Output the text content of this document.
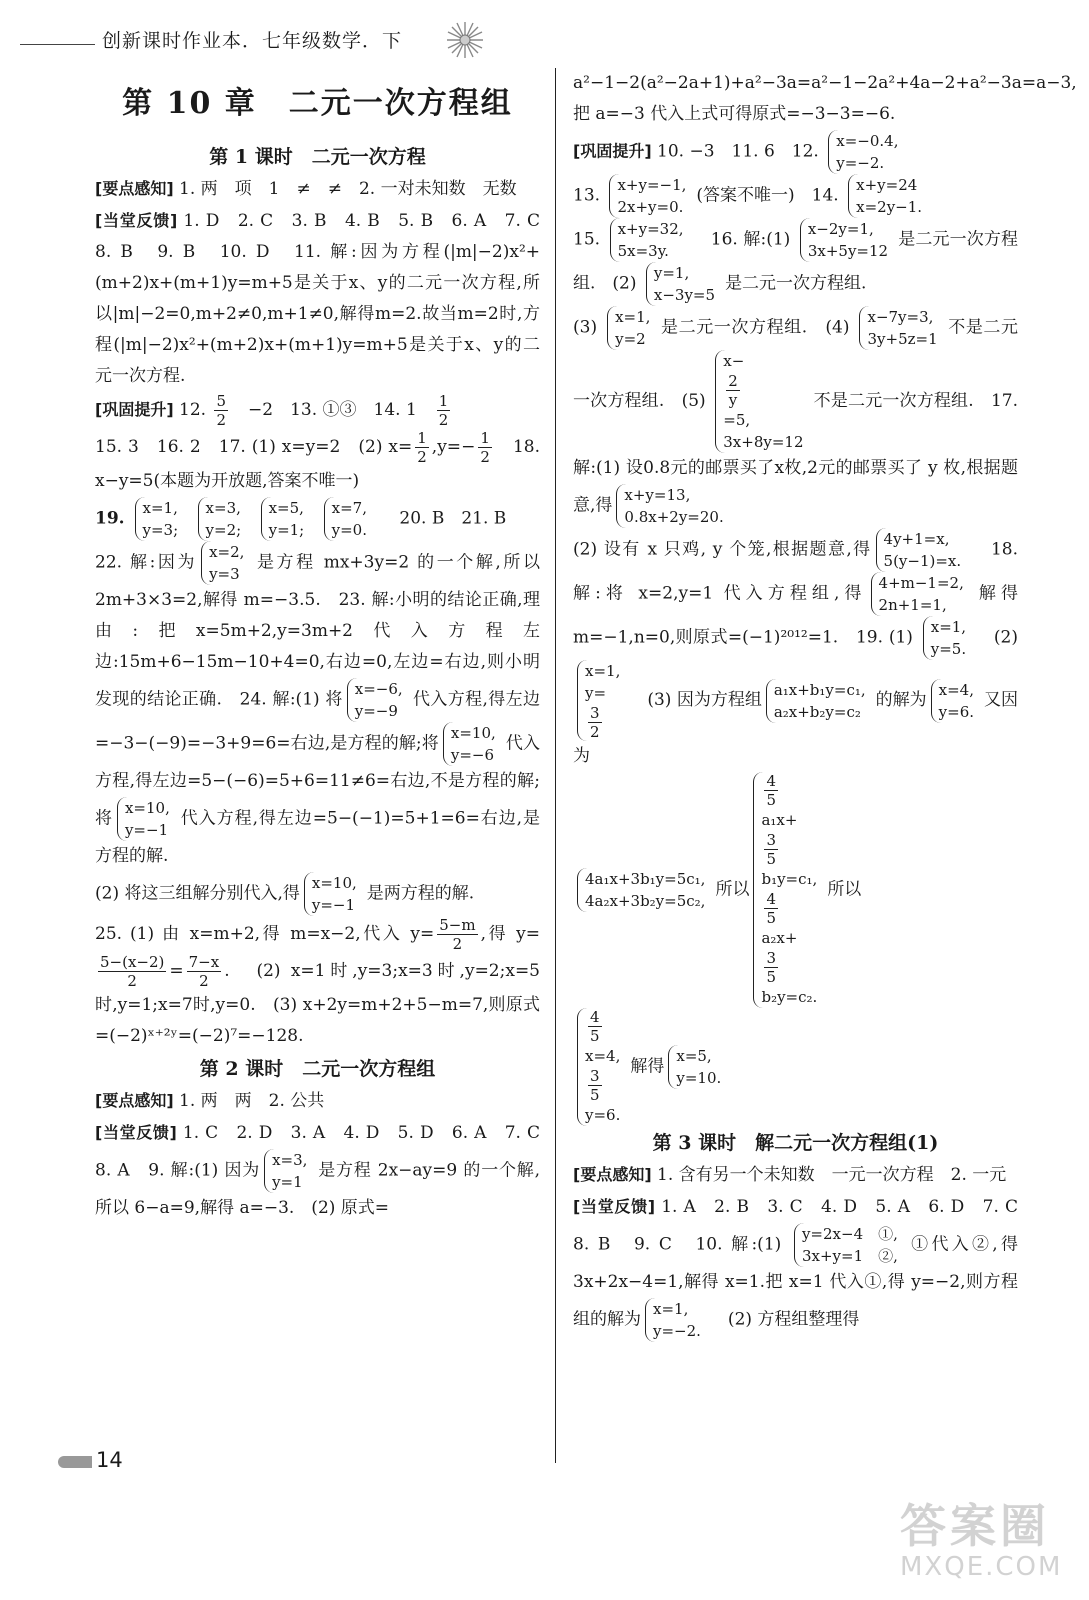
创新课时作业本．七年级数学．下
第 10 章　二元一次方程组
第 1 课时　二元一次方程

[要点感知] 1. 两　项　1　≠　≠　2. 一对未知数　无数

[当堂反馈] 1. D　2. C　3. B　4. B　5. B　6. A　7. C　8. B　9. B　10. D　11. 解:因为方程(|m|−2)x²+(m+2)x+(m+1)y=m+5是关于x、y的二元一次方程,所以|m|−2=0,m+2≠0,m+1≠0,解得m=2.故当m=2时,方程(|m|−2)x²+(m+2)x+(m+1)y=m+5是关于x、y的二元一次方程.

[巩固提升] 12. $\frac{5}{2}$ 　−2　13. ①③　14. 1　 $\frac{1}{2}$

15. 3　16. 2　17. (1) x=y=2　(2) $x= \frac{1}{2} ,y=- \frac{1}{2}$ 　18. x−y=5(本题为开放题,答案不唯一)

19.
x=1,
y=3;

x=3,
y=2;

x=5,
y=1;

x=7,
y=0.
　20. B　21. B

22. 解:因为
x=2,
y=3
是方程 mx+3y=2 的一个解,所以2m+3×3=2,解得 m=−3.5.　23. 解:小明的结论正确,理由:把x=5m+2,y=3m+2代入方程左边:15m+6−15m−10+4=0,右边=0,左边=右边,则小明发现的结论正确.　24. 解:(1) 将
x=−6,
y=−9
代入方程,得左边=−3−(−9)=−3+9=6=右边,是方程的解;将
x=10,
y=−6
代入方程,得左边=5−(−6)=5+6=11≠6=右边,不是方程的解;将
x=10,
y=−1
代入方程,得左边=5−(−1)=5+1=6=右边,是方程的解.

(2) 将这三组解分别代入,得
x=10,
y=−1
是两方程的解.

25. (1) 由 x=m+2,得 m=x−2,代入 $y= \frac{5-m}{2}$ ,得 y=
$\frac{5-(x-2)}{2} = \frac{7-x}{2}$ .　(2) x=1时,y=3;x=3时,y=2;x=5时,y=1;x=7时,y=0.　(3) x+2y=m+2+5−m=7,则原式=(−2)ˣ⁺²ʸ=(−2)⁷=−128.

第 2 课时　二元一次方程组

[要点感知] 1. 两　两　2. 公共

[当堂反馈] 1. C　2. D　3. A　4. D　5. D　6. A　7. C　8. A　9. 解:(1) 因为
x=3,
y=1
是方程 2x−ay=9 的一个解,所以 6−a=9,解得 a=−3.　(2) 原式=

a²−1−2(a²−2a+1)+a²−3a=a²−1−2a²+4a−2+a²−3a=a−3,把 a=−3 代入上式可得原式=−3−3=−6.

[巩固提升] 10. −3　11. 6　12.
x=−0.4,
y=−2.

13.
x+y=−1,
2x+y=0.
(答案不唯一)　14.
x+y=24
x=2y−1.

15.
x+y=32,
5x=3y.
　16. 解:(1)
x−2y=1,
3x+5y=12
是二元一次方程组.　(2)
y=1,
x−3y=5
是二元一次方程组.

(3)
x=1,
y=2
是二元一次方程组.　(4)
x−7y=3,
3y+5z=1
不是二元一次方程组.　(5)
x−
$\frac{2}{y}$
=5,
3x+8y=12
不是二元一次方程组.　17. 解:(1) 设0.8元的邮票买了x枚,2元的邮票买了 y 枚,根据题意,得
x+y=13,
0.8x+2y=20.

(2) 设有 x 只鸡, y 个笼,根据题意,得
4y+1=x,
5(y−1)=x.
　18. 解:将 x=2,y=1 代入方程组,得
4+m−1=2,
2n+1=1,
解得m=−1,n=0,则原式=(−1)²⁰¹²=1.　19. (1)
x=1,
y=5.
　(2)
x=1,
y=
$\frac{3}{2}$
　(3) 因为方程组
a₁x+b₁y=c₁,
a₂x+b₂y=c₂
的解为
x=4,
y=6.
又因为

4a₁x+3b₁y=5c₁,
4a₂x+3b₂y=5c₂,
所以
$\frac{4}{5}$
a₁x+
$\frac{3}{5}$
b₁y=c₁,
$\frac{4}{5}$
a₂x+
$\frac{3}{5}$
b₂y=c₂.
所以

$\frac{4}{5}$
x=4,
$\frac{3}{5}$
y=6.
解得
x=5,
y=10.

第 3 课时　解二元一次方程组(1)

[要点感知] 1. 含有另一个未知数　一元一次方程　2. 一元

[当堂反馈] 1. A　2. B　3. C　4. D　5. A　6. D　7. C　8. B　9. C　10. 解:(1)
y=2x−4　①,
3x+y=1　②,
①代入②,得 3x+2x−4=1,解得 x=1.把 x=1 代入①,得 y=−2,则方程组的解为
x=1,
y=−2.
　(2) 方程组整理得

14
答案圈
MXQE.COM
